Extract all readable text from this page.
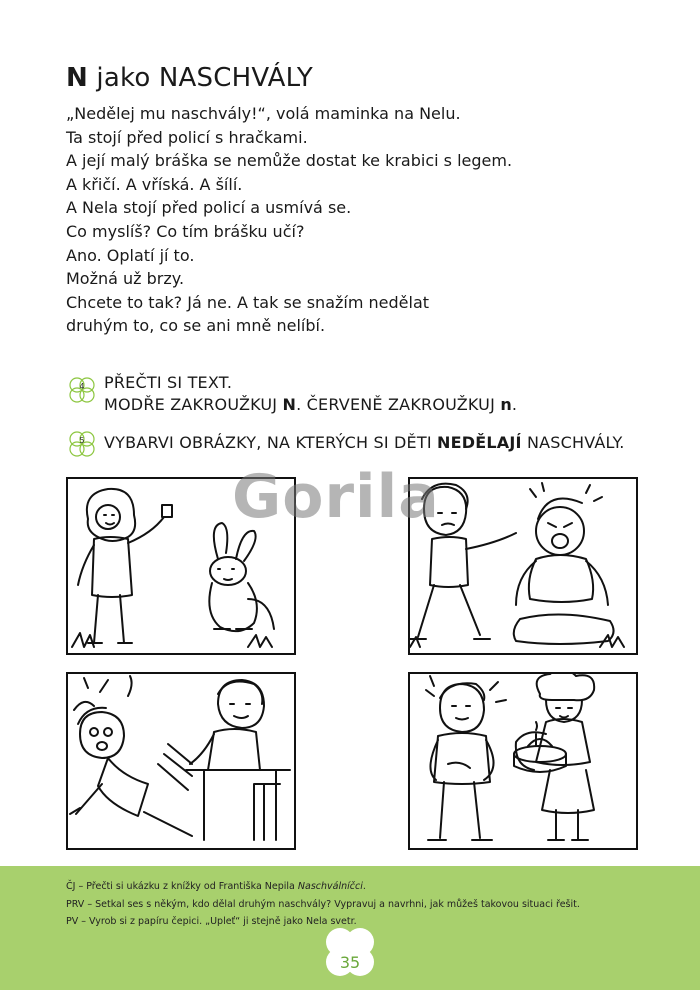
N jako NASCHVÁLY
„Nedělej mu naschvály!“, volá maminka na Nelu.
Ta stojí před policí s hračkami.
A její malý bráška se nemůže dostat ke krabici s legem.
A křičí. A vříská. A šílí.
A Nela stojí před policí a usmívá se.
Co myslíš? Co tím brášku učí?
Ano. Oplatí jí to.
Možná už brzy.
Chcete to tak? Já ne. A tak se snažím nedělat
druhým to, co se ani mně nelíbí.
4	PŘEČTI SI TEXT.
MODŘE ZAKROUŽKUJ N. ČERVENĚ ZAKROUŽKUJ n.
5	VYBARVI OBRÁZKY, NA KTERÝCH SI DĚTI NEDĚLAJÍ NASCHVÁLY.
Gorila
ČJ – Přečti si ukázku z knížky od Františka Nepila Naschválníčci.
PRV – Setkal ses s někým, kdo dělal druhým naschvály? Vypravuj a navrhni, jak můžeš takovou situaci řešit.
PV – Vyrob si z papíru čepici. „Upleť“ ji stejně jako Nela svetr.
35
